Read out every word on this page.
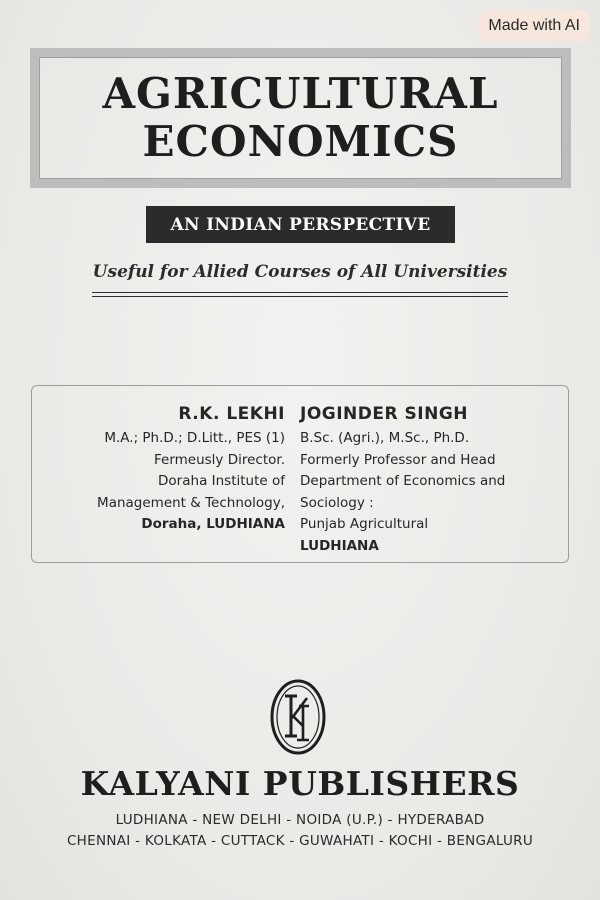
Made with AI
AGRICULTURAL
ECONOMICS
AN INDIAN PERSPECTIVE
Useful for Allied Courses of All Universities
R.K. LEKHI
M.A.; Ph.D.; D.Litt., PES (1)
Fermeusly Director.
Doraha Institute of
Management & Technology,
Doraha, LUDHIANA
JOGINDER SINGH
B.Sc. (Agri.), M.Sc., Ph.D.
Formerly Professor and Head
Department of Economics and
Sociology :
Punjab Agricultural
LUDHIANA
KALYANI PUBLISHERS
LUDHIANA - NEW DELHI - NOIDA (U.P.) - HYDERABAD
CHENNAI - KOLKATA - CUTTACK - GUWAHATI - KOCHI - BENGALURU
